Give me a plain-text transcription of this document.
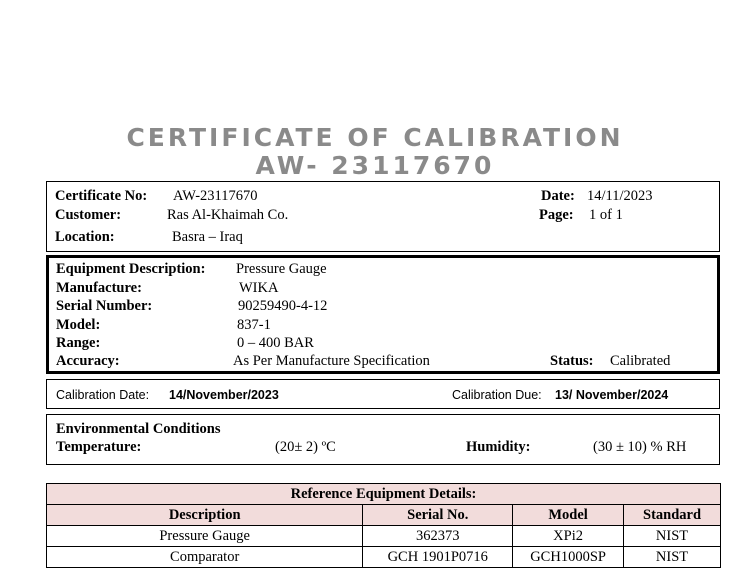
CERTIFICATE OF CALIBRATION
AW- 23117670
Certificate No: AW-23117670
Customer:	Ras Al-Khaimah Co.
Location:	Basra – Iraq
Date: 14/11/2023
Page: 1 of 1
Equipment Description: Pressure Gauge
Manufacture:	WIKA
Serial Number:	90259490-4-12
Model:	837-1
Range:	0 – 400 BAR
Accuracy:	As Per Manufacture Specification	Status: Calibrated
Calibration Date: 14/November/2023	Calibration Due: 13/ November/2024
Environmental Conditions
Temperature:	(20± 2) ºC	Humidity:	(30 ± 10) % RH
Reference Equipment Details:			
Description	Serial No.	Model	Standard
Pressure Gauge	362373	XPi2	NIST
Comparator	GCH 1901P0716	GCH1000SP	NIST
